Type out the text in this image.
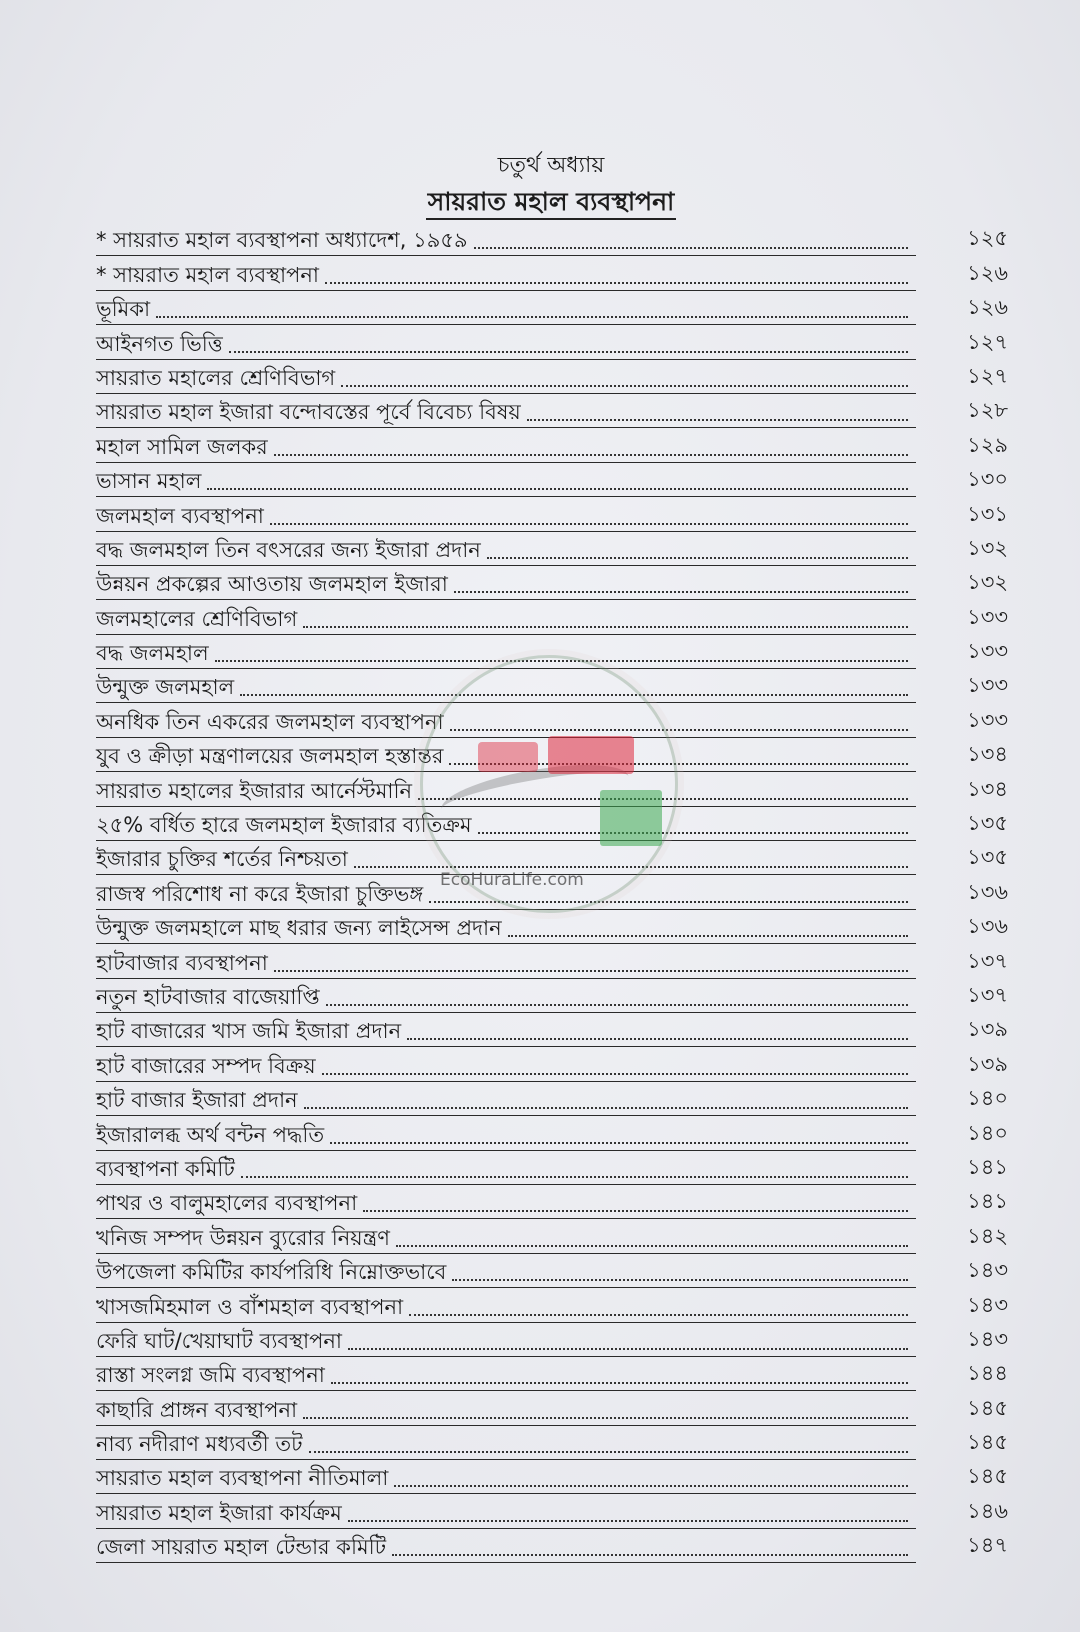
চতুর্থ অধ্যায়
সায়রাত মহাল ব্যবস্থাপনা
* সায়রাত মহাল ব্যবস্থাপনা অধ্যাদেশ, ১৯৫৯	১২৫
* সায়রাত মহাল ব্যবস্থাপনা	১২৬
ভূমিকা	১২৬
আইনগত ভিত্তি	১২৭
সায়রাত মহালের শ্রেণিবিভাগ	১২৭
সায়রাত মহাল ইজারা বন্দোবস্তের পূর্বে বিবেচ্য বিষয়	১২৮
মহাল সামিল জলকর	১২৯
ভাসান মহাল	১৩০
জলমহাল ব্যবস্থাপনা	১৩১
বদ্ধ জলমহাল তিন বৎসরের জন্য ইজারা প্রদান	১৩২
উন্নয়ন প্রকল্পের আওতায় জলমহাল ইজারা	১৩২
জলমহালের শ্রেণিবিভাগ	১৩৩
বদ্ধ জলমহাল	১৩৩
উন্মুক্ত জলমহাল	১৩৩
অনধিক তিন একরের জলমহাল ব্যবস্থাপনা	১৩৩
যুব ও ক্রীড়া মন্ত্রণালয়ের জলমহাল হস্তান্তর	১৩৪
সায়রাত মহালের ইজারার আর্নেস্টমানি	১৩৪
২৫% বর্ধিত হারে জলমহাল ইজারার ব্যতিক্রম	১৩৫
ইজারার চুক্তির শর্তের নিশ্চয়তা	১৩৫
রাজস্ব পরিশোধ না করে ইজারা চুক্তিভঙ্গ	১৩৬
উন্মুক্ত জলমহালে মাছ ধরার জন্য লাইসেন্স প্রদান	১৩৬
হাটবাজার ব্যবস্থাপনা	১৩৭
নতুন হাটবাজার বাজেয়াপ্তি	১৩৭
হাট বাজারের খাস জমি ইজারা প্রদান	১৩৯
হাট বাজারের সম্পদ বিক্রয়	১৩৯
হাট বাজার ইজারা প্রদান	১৪০
ইজারালব্ধ অর্থ বন্টন পদ্ধতি	১৪০
ব্যবস্থাপনা কমিটি	১৪১
পাথর ও বালুমহালের ব্যবস্থাপনা	১৪১
খনিজ সম্পদ উন্নয়ন ব্যুরোর নিয়ন্ত্রণ	১৪২
উপজেলা কমিটির কার্যপরিধি নিম্নোক্তভাবে	১৪৩
খাসজমিহমাল ও বাঁশমহাল ব্যবস্থাপনা	১৪৩
ফেরি ঘাট/খেয়াঘাট ব্যবস্থাপনা	১৪৩
রাস্তা সংলগ্ন জমি ব্যবস্থাপনা	১৪৪
কাছারি প্রাঙ্গন ব্যবস্থাপনা	১৪৫
নাব্য নদীরাণ মধ্যবর্তী তট	১৪৫
সায়রাত মহাল ব্যবস্থাপনা নীতিমালা	১৪৫
সায়রাত মহাল ইজারা কার্যক্রম	১৪৬
জেলা সায়রাত মহাল টেন্ডার কমিটি	১৪৭
EcoHuraLife.com
